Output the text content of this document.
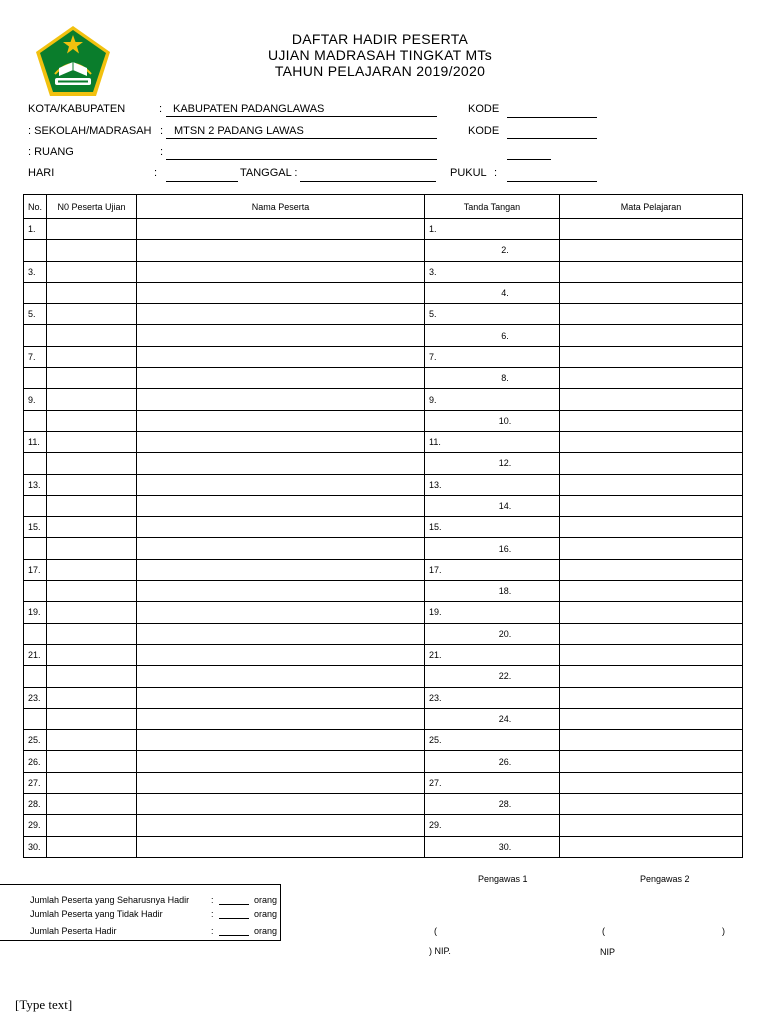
DAFTAR HADIR PESERTA
UJIAN MADRASAH TINGKAT MTs
TAHUN PELAJARAN 2019/2020
KOTA/KABUPATEN	: KABUPATEN PADANGLAWAS	KODE
: SEKOLAH/MADRASAH : MTSN 2 PADANG LAWAS	KODE
: RUANG	:
HARI	:	TANGGAL :	PUKUL :
No.	N0 Peserta Ujian	Nama Peserta	Tanda Tangan	Mata Pelajaran
1.			1.	
			2.	
3.			3.	
			4.	
5.			5.	
			6.	
7.			7.	
			8.	
9.			9.	
			10.	
11.			11.	
			12.	
13.			13.	
			14.	
15.			15.	
			16.	
17.			17.	
			18.	
19.			19.	
			20.	
21.			21.	
			22.	
23.			23.	
			24.	
25.			25.	
26.			26.	
27.			27.	
28.			28.	
29.			29.	
30.			30.	
Pengawas 1	Pengawas 2
Jumlah Peserta yang Seharusnya Hadir :	orang
Jumlah Peserta yang Tidak Hadir	:	orang
Jumlah Peserta Hadir	:	orang	(	(	)
) NIP.	NIP
[Type text]
